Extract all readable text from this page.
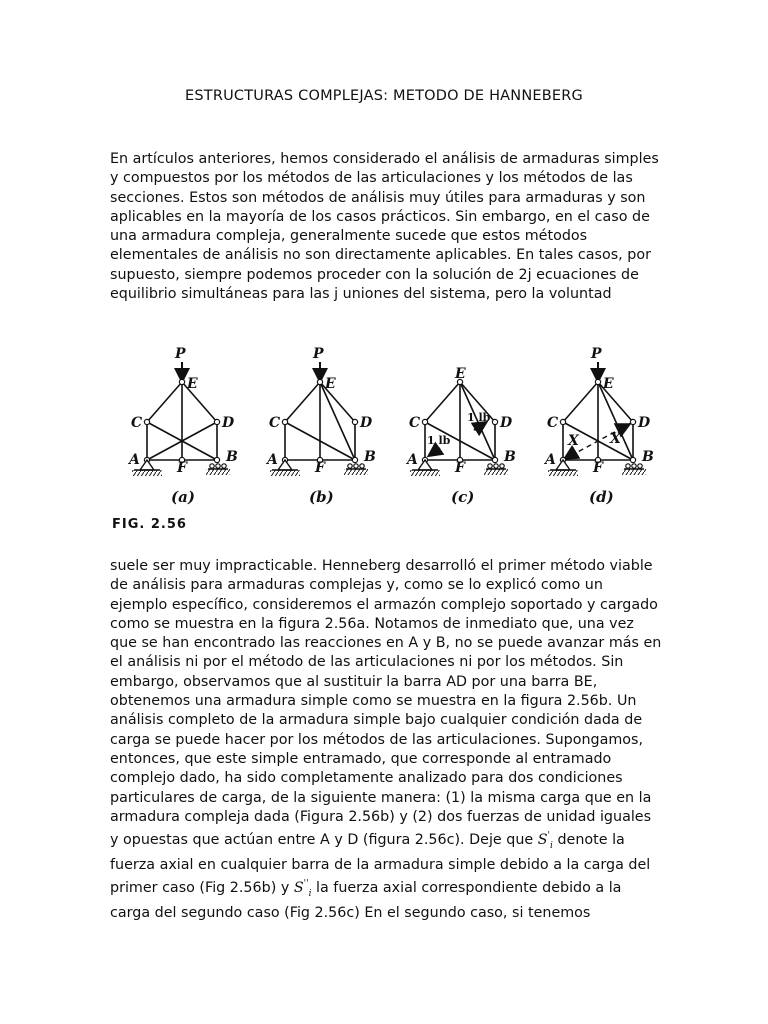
ESTRUCTURAS COMPLEJAS: METODO DE HANNEBERG

En artículos anteriores, hemos considerado el análisis de armaduras simples y compuestos por los métodos de las articulaciones y los métodos de las secciones. Estos son métodos de análisis muy útiles para armaduras y son aplicables en la mayoría de los casos prácticos. Sin embargo, en el caso de una armadura compleja, generalmente sucede que estos métodos elementales de análisis no son directamente aplicables. En tales casos, por supuesto, siempre podemos proceder con la solución de 2j ecuaciones de equilibrio simultáneas para las j uniones del sistema, pero la voluntad

P
E
C	D
A	F
B
(a)
P
E
C	D
A	F
B
(b)
E
C	D
A	F
B
1 lb
1 lb
(c)
P
E
C	D
A	F
B
X X
(d)
FIG. 2.56

suele ser muy impracticable. Henneberg desarrolló el primer método viable de análisis para armaduras complejas y, como se lo explicó como un ejemplo específico, consideremos el armazón complejo soportado y cargado como se muestra en la figura 2.56a. Notamos de inmediato que, una vez que se han encontrado las reacciones en A y B, no se puede avanzar más en el análisis ni por el método de las articulaciones ni por los métodos. Sin embargo, observamos que al sustituir la barra AD por una barra BE, obtenemos una armadura simple como se muestra en la figura 2.56b. Un análisis completo de la armadura simple bajo cualquier condición dada de carga se puede hacer por los métodos de las articulaciones. Supongamos, entonces, que este simple entramado, que corresponde al entramado complejo dado, ha sido completamente analizado para dos condiciones particulares de carga, de la siguiente manera: (1) la misma carga que en la armadura compleja dada (Figura 2.56b) y (2) dos fuerzas de unidad iguales y opuestas que actúan entre A y D (figura 2.56c). Deje que $S'_i$ denote la fuerza axial en cualquier barra de la armadura simple debido a la carga del primer caso (Fig 2.56b) y $S''_i$ la fuerza axial correspondiente debido a la carga del segundo caso (Fig 2.56c) En el segundo caso, si tenemos
